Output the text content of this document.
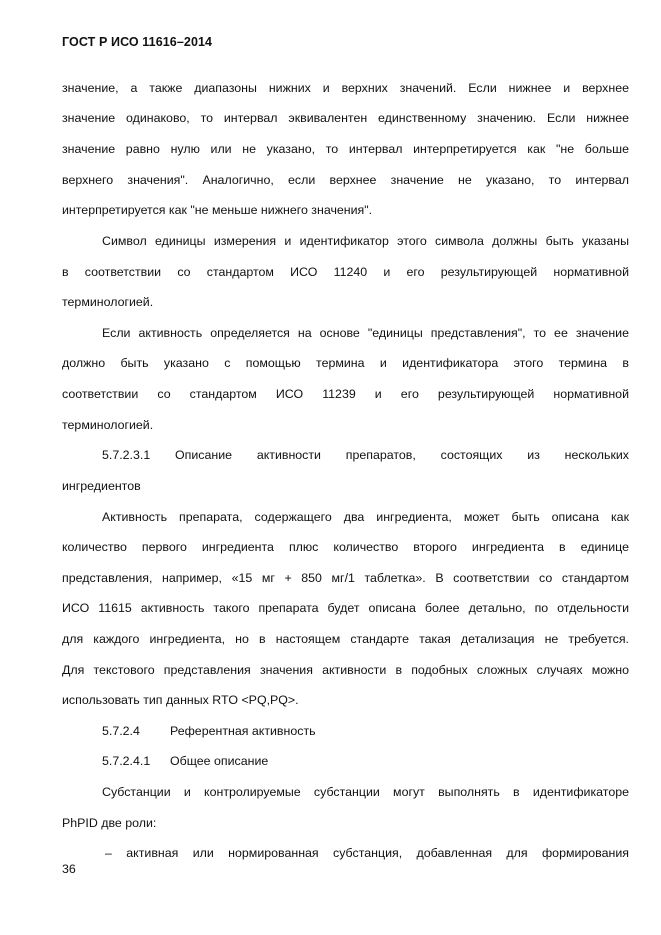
ГОСТ Р ИСО 11616–2014
значение, а также диапазоны нижних и верхних значений. Если нижнее и верхнее
значение одинаково, то интервал эквивалентен единственному значению. Если нижнее
значение равно нулю или не указано, то интервал интерпретируется как "не больше
верхнего значения". Аналогично, если верхнее значение не указано, то интервал
интерпретируется как "не меньше нижнего значения".
Символ единицы измерения и идентификатор этого символа должны быть указаны
в соответствии со стандартом ИСО 11240 и его результирующей нормативной
терминологией.
Если активность определяется на основе "единицы представления", то ее значение
должно быть указано с помощью термина и идентификатора этого термина в
соответствии со стандартом ИСО 11239 и его результирующей нормативной
терминологией.
5.7.2.3.1 Описание активности препаратов, состоящих из нескольких
ингредиентов
Активность препарата, содержащего два ингредиента, может быть описана как
количество первого ингредиента плюс количество второго ингредиента в единице
представления, например, «15 мг + 850 мг/1 таблетка». В соответствии со стандартом
ИСО 11615 активность такого препарата будет описана более детально, по отдельности
для каждого ингредиента, но в настоящем стандарте такая детализация не требуется.
Для текстового представления значения активности в подобных сложных случаях можно
использовать тип данных RTO <PQ,PQ>.
5.7.2.4 Референтная активность
5.7.2.4.1 Общее описание
Субстанции и контролируемые субстанции могут выполнять в идентификаторе
PhPID две роли:
– активная или нормированная субстанция, добавленная для формирования
36
